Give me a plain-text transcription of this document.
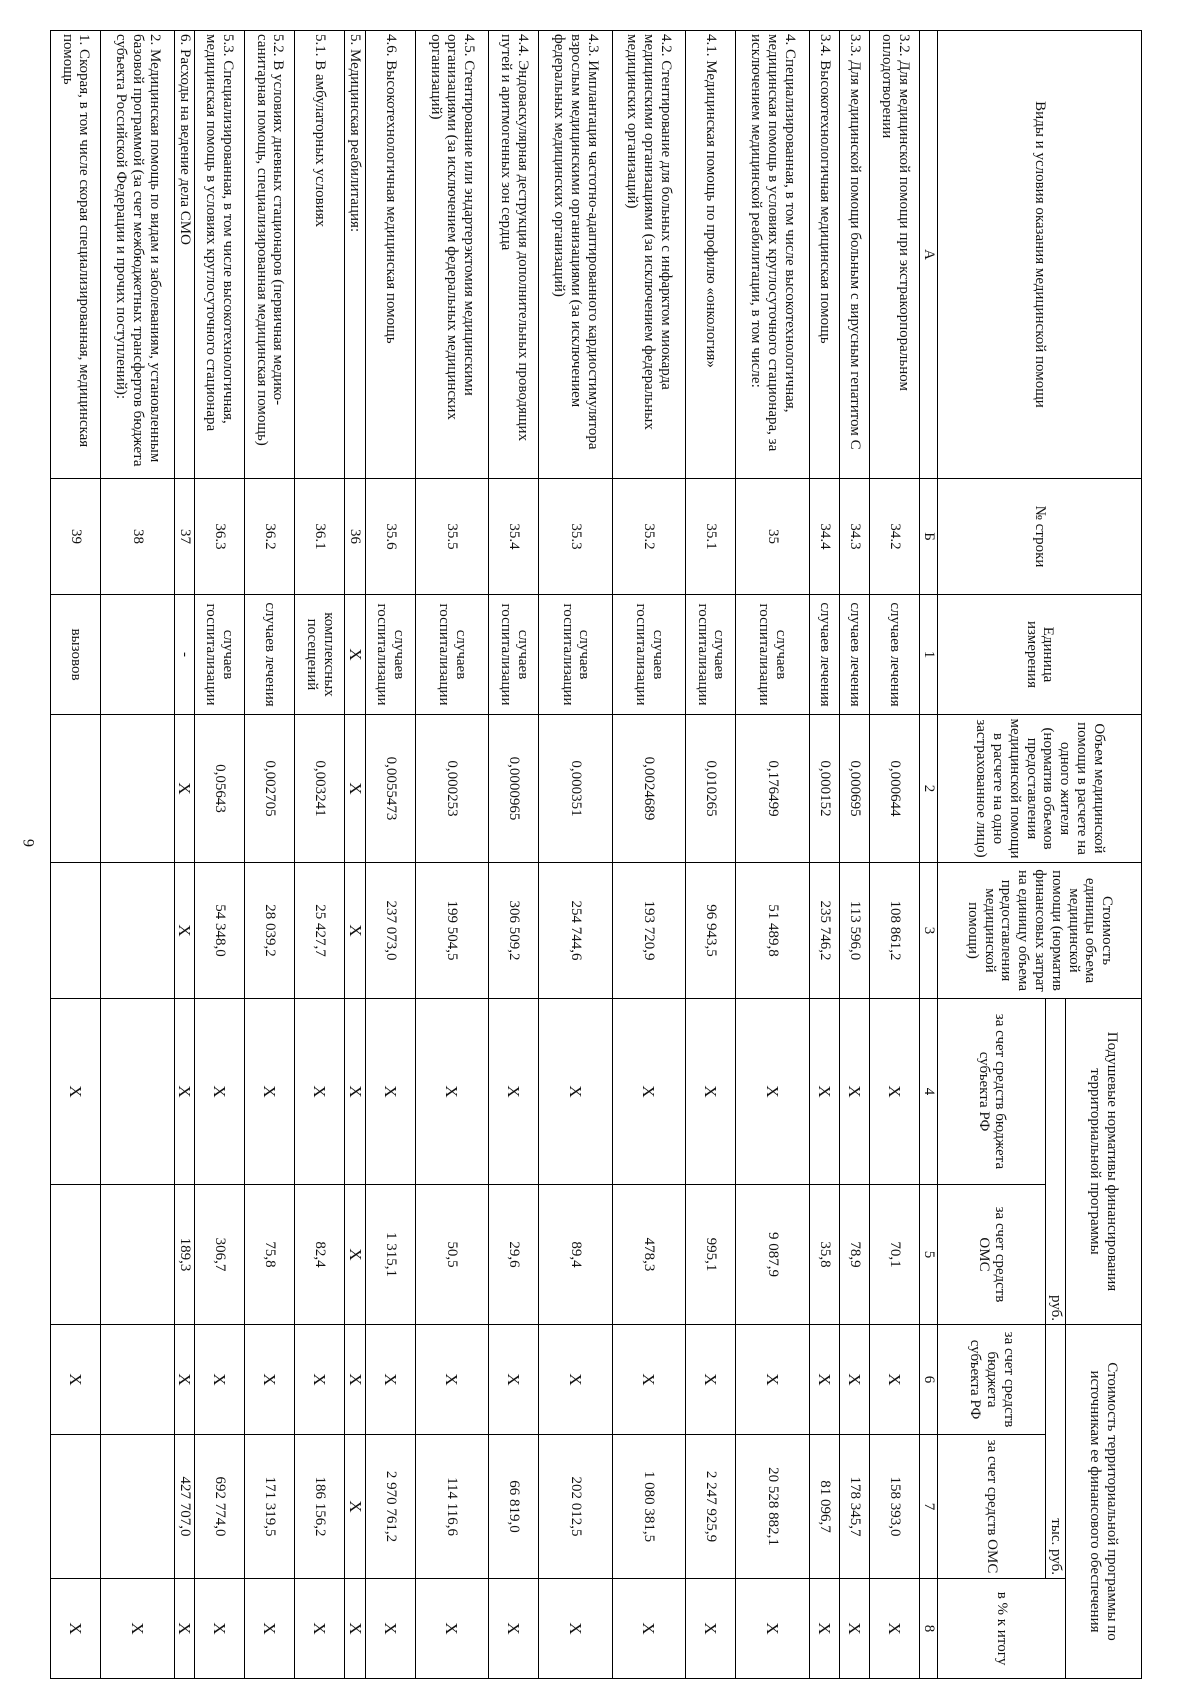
6
Виды и условия оказания медицинской помощи	№ строки	Единица измерения	Объем медицинской помощи в расчете на одного жителя (норматив объемов предоставления медицинской помощи в расчете на одно застрахованное лицо)	Стоимость единицы объема медицинской помощи (норматив финансовых затрат на единицу объема предоставления медицинской помощи)	Подушевые нормативы финансирования территориальной программы		Стоимость территориальной программы по источникам ее финансового обеспечения		
					руб.		тыс. руб.		в % к итогу
					за счет средств бюджета субъекта РФ	за счет средств ОМС	за счет средств бюджета субъекта РФ	за счет средств ОМС	
А	Б	1	2	3	4	5	6	7	8
3.2. Для медицинской помощи при экстракорпоральном оплодотворении	34.2	случаев лечения	0,000644	108 861,2	Х	70,1	Х	158 393,0	Х
3.3. Для медицинской помощи больным с вирусным гепатитом С	34.3	случаев лечения	0,000695	113 596,0	Х	78,9	Х	178 345,7	Х
3.4. Высокотехнологичная медицинская помощь	34.4	случаев лечения	0,000152	235 746,2	Х	35,8	Х	81 096,7	Х
4. Специализированная, в том числе высокотехнологичная, медицинская помощь в условиях круглосуточного стационара, за исключением медицинской реабилитации, в том числе:	35	случаев госпитализации	0,176499	51 489,8	Х	9 087,9	Х	20 528 882,1	Х
4.1. Медицинская помощь по профилю «онкология»	35.1	случаев госпитализации	0,010265	96 943,5	Х	995,1	Х	2 247 925,9	Х
4.2. Стентирование для больных с инфарктом миокарда медицинскими организациями (за исключением федеральных медицинских организаций)	35.2	случаев госпитализации	0,0024689	193 720,9	Х	478,3	Х	1 080 381,5	Х
4.3. Имплантация частотно-адаптированного кардиостимулятора взрослым медицинскими организациями (за исключением федеральных медицинских организаций)	35.3	случаев госпитализации	0,000351	254 744,6	Х	89,4	Х	202 012,5	Х
4.4. Эндоваскулярная деструкция дополнительных проводящих путей и аритмогенных зон сердца	35.4	случаев госпитализации	0,0000965	306 509,2	Х	29,6	Х	66 819,0	Х
4.5. Стентирование или эндартерэктомия медицинскими организациями (за исключением федеральных медицинских организаций)	35.5	случаев госпитализации	0,000253	199 504,5	Х	50,5	Х	114 116,6	Х
4.6. Высокотехнологичная медицинская помощь	35.6	случаев госпитализации	0,0055473	237 073,0	Х	1 315,1	Х	2 970 761,2	Х
5. Медицинская реабилитация:	36	Х	Х	Х	Х	Х	Х	Х	Х
5.1. В амбулаторных условиях	36.1	комплексных посещений	0,003241	25 427,7	Х	82,4	Х	186 156,2	Х
5.2. В условиях дневных стационаров (первичная медико-санитарная помощь, специализированная медицинская помощь)	36.2	случаев лечения	0,002705	28 039,2	Х	75,8	Х	171 319,5	Х
5.3. Специализированная, в том числе высокотехнологичная, медицинская помощь в условиях круглосуточного стационара	36.3	случаев госпитализации	0,05643	54 348,0	Х	306,7	Х	692 774,0	Х
6. Расходы на ведение дела СМО	37	-	Х	Х	Х	189,3	Х	427 707,0	Х
2. Медицинская помощь по видам и заболеваниям, установленным базовой программой (за счет межбюджетных трансфертов бюджета субъекта Российской Федерации и прочих поступлений):	38								Х
1. Скорая, в том числе скорая специализированная, медицинская помощь	39	вызовов			Х		Х		Х
